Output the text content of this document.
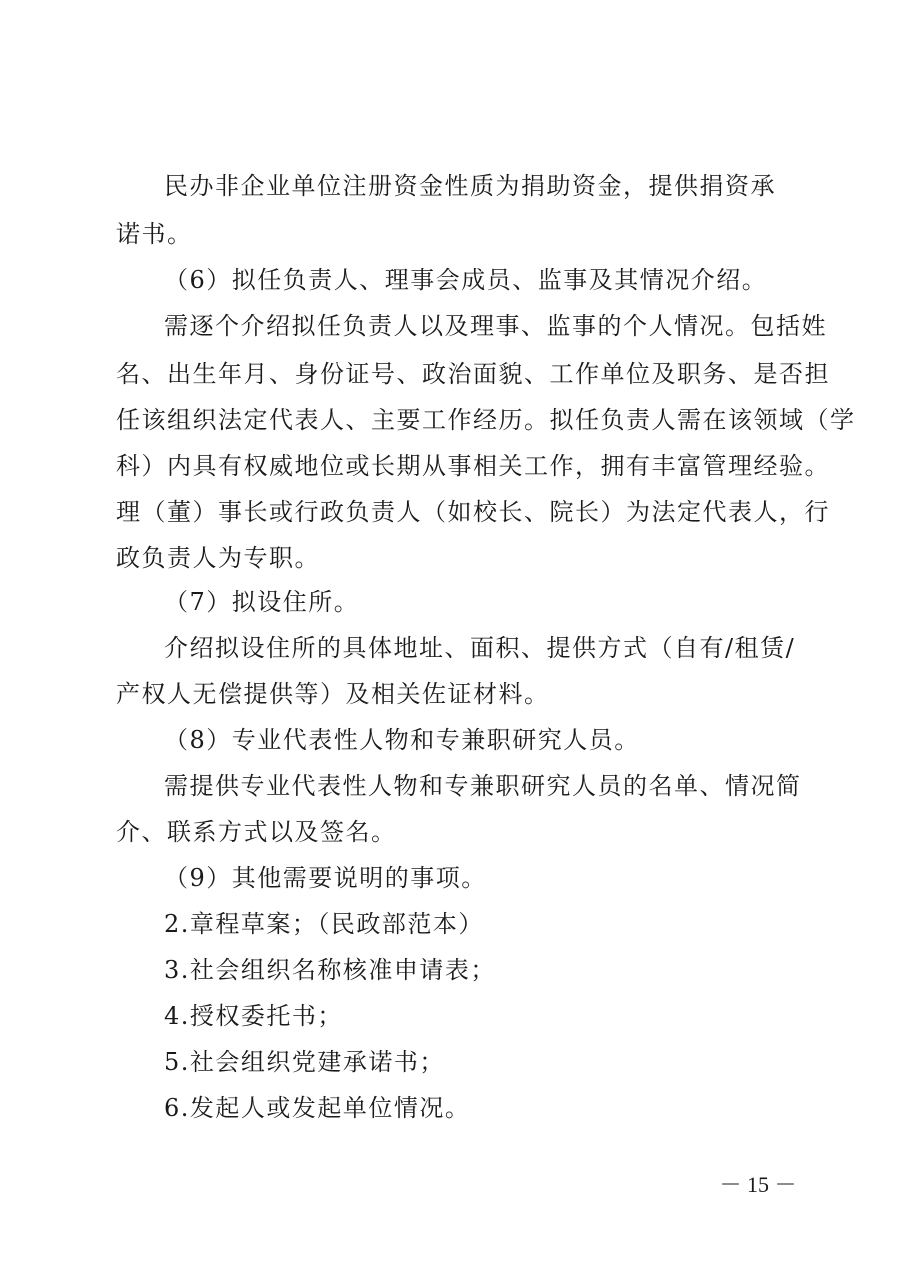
民办非企业单位注册资金性质为捐助资金，提供捐资承
诺书。
（6）拟任负责人、理事会成员、监事及其情况介绍。
需逐个介绍拟任负责人以及理事、监事的个人情况。包括姓
名、出生年月、身份证号、政治面貌、工作单位及职务、是否担
任该组织法定代表人、主要工作经历。拟任负责人需在该领域（学
科）内具有权威地位或长期从事相关工作，拥有丰富管理经验。
理（董）事长或行政负责人（如校长、院长）为法定代表人，行
政负责人为专职。
（7）拟设住所。
介绍拟设住所的具体地址、面积、提供方式（自有/租赁/
产权人无偿提供等）及相关佐证材料。
（8）专业代表性人物和专兼职研究人员。
需提供专业代表性人物和专兼职研究人员的名单、情况简
介、联系方式以及签名。
（9）其他需要说明的事项。
2.章程草案；（民政部范本）
3.社会组织名称核准申请表；
4.授权委托书；
5.社会组织党建承诺书；
6.发起人或发起单位情况。
－ 15 －
